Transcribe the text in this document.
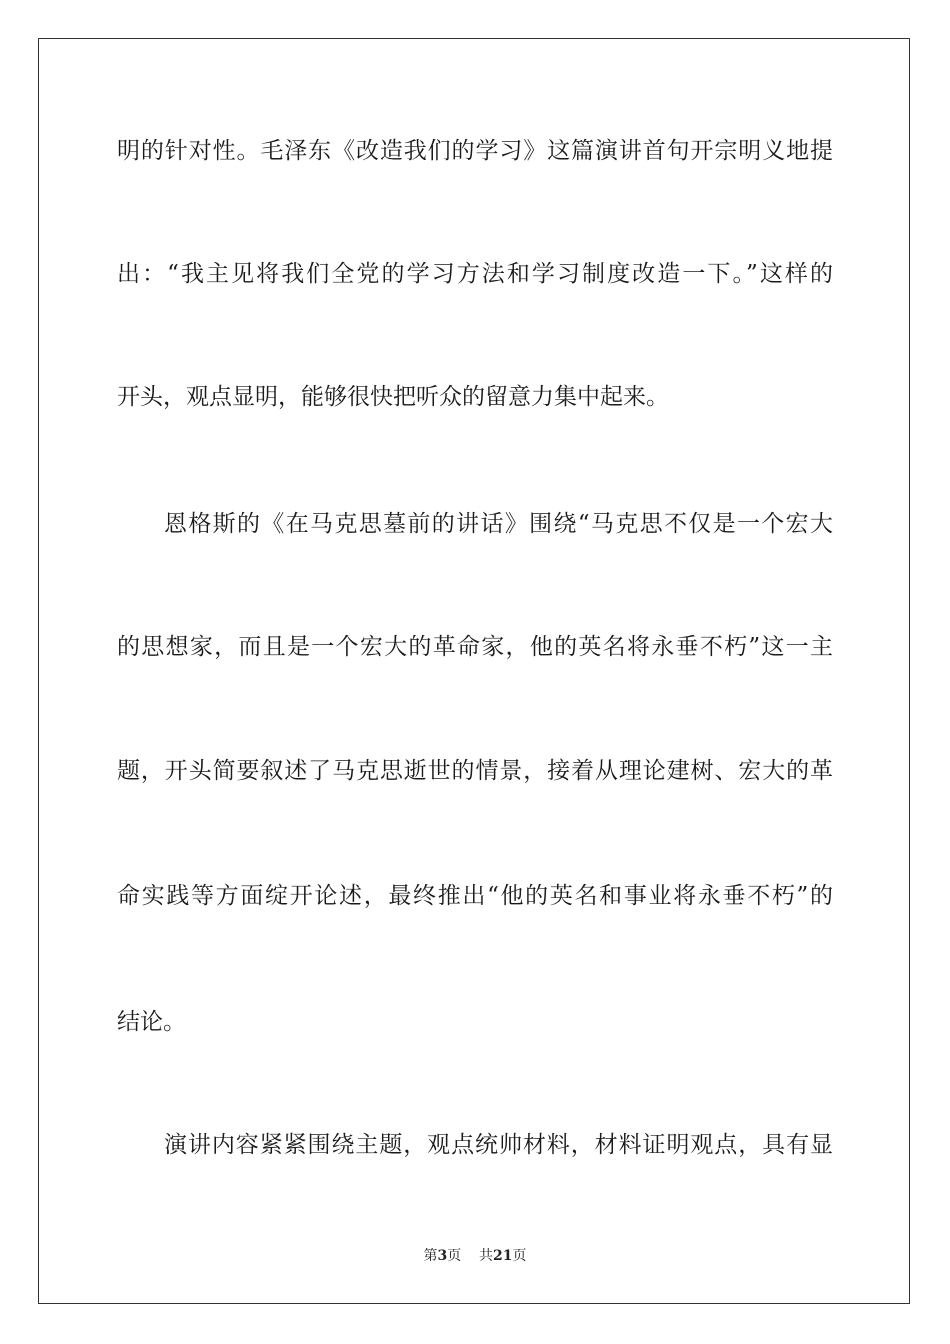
明的针对性。毛泽东《改造我们的学习》这篇演讲首句开宗明义地提
出：“我主见将我们全党的学习方法和学习制度改造一下。”这样的
开头，观点显明，能够很快把听众的留意力集中起来。
恩格斯的《在马克思墓前的讲话》围绕“马克思不仅是一个宏大
的思想家，而且是一个宏大的革命家，他的英名将永垂不朽”这一主
题，开头简要叙述了马克思逝世的情景，接着从理论建树、宏大的革
命实践等方面绽开论述，最终推出“他的英名和事业将永垂不朽”的
结论。
演讲内容紧紧围绕主题，观点统帅材料，材料证明观点，具有显
第3页 共21页
